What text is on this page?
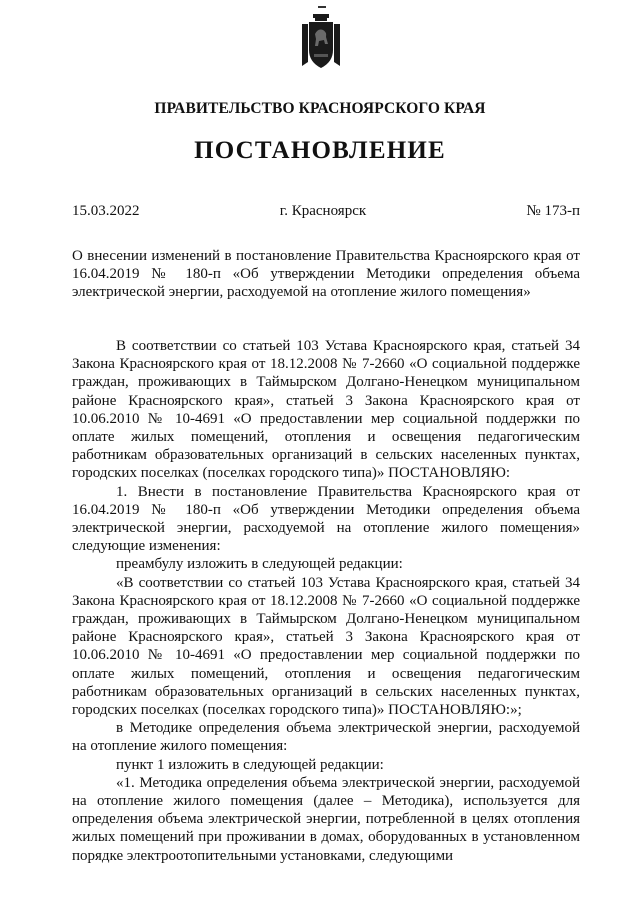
ПРАВИТЕЛЬСТВО КРАСНОЯРСКОГО КРАЯ
ПОСТАНОВЛЕНИЕ
15.03.2022	г. Красноярск	№ 173-п
О внесении изменений в постановление Правительства Красноярского края от 16.04.2019 № 180-п «Об утверждении Методики определения объема электрической энергии, расходуемой на отопление жилого помещения»

В соответствии со статьей 103 Устава Красноярского края, статьей 34 Закона Красноярского края от 18.12.2008 № 7-2660 «О социальной поддержке граждан, проживающих в Таймырском Долгано-Ненецком муниципальном районе Красноярского края», статьей 3 Закона Красноярского края от 10.06.2010 № 10-4691 «О предоставлении мер социальной поддержки по оплате жилых помещений, отопления и освещения педагогическим работникам образовательных организаций в сельских населенных пунктах, городских поселках (поселках городского типа)» ПОСТАНОВЛЯЮ:

1. Внести в постановление Правительства Красноярского края от 16.04.2019 № 180-п «Об утверждении Методики определения объема электрической энергии, расходуемой на отопление жилого помещения» следующие изменения:

преамбулу изложить в следующей редакции:

«В соответствии со статьей 103 Устава Красноярского края, статьей 34 Закона Красноярского края от 18.12.2008 № 7-2660 «О социальной поддержке граждан, проживающих в Таймырском Долгано-Ненецком муниципальном районе Красноярского края», статьей 3 Закона Красноярского края от 10.06.2010 № 10-4691 «О предоставлении мер социальной поддержки по оплате жилых помещений, отопления и освещения педагогическим работникам образовательных организаций в сельских населенных пунктах, городских поселках (поселках городского типа)» ПОСТАНОВЛЯЮ:»;

в Методике определения объема электрической энергии, расходуемой на отопление жилого помещения:

пункт 1 изложить в следующей редакции:

«1. Методика определения объема электрической энергии, расходуемой на отопление жилого помещения (далее – Методика), используется для определения объема электрической энергии, потребленной в целях отопления жилых помещений при проживании в домах, оборудованных в установленном порядке электроотопительными установками, следующими
